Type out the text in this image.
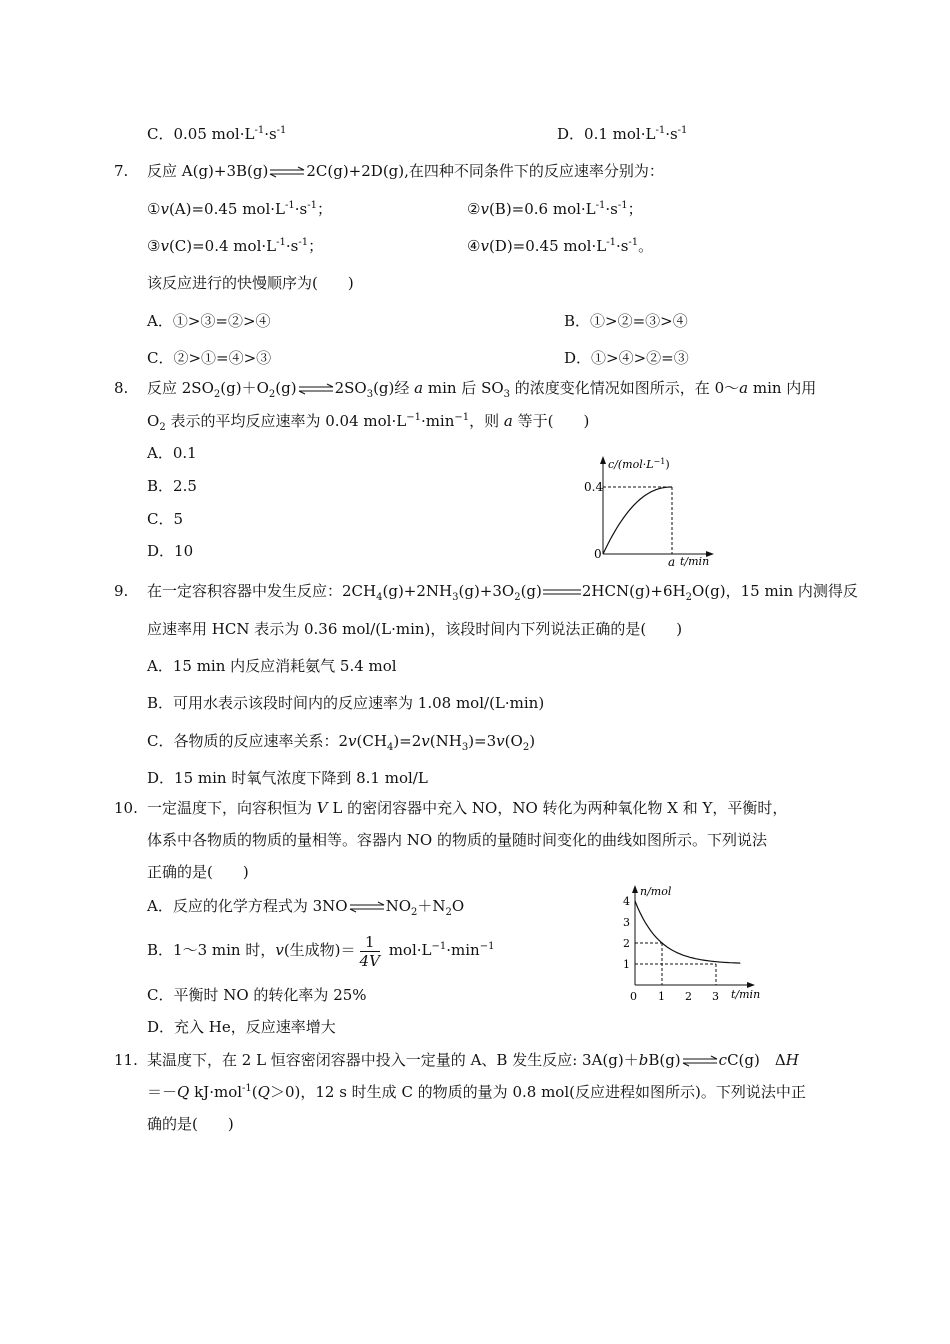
C．0.05 $mol\cdot L^{-1}\cdot s^{-1}$	D．0.1 $mol\cdot L^{-1}\cdot s^{-1}$
7. 反应 A(g)+3B(g)⇌2C(g)+2D(g),在四种不同条件下的反应速率分别为：
①v(A)=0.45 $mol\cdot L^{-1}\cdot s^{-1}$；	②v(B)=0.6 $mol\cdot L^{-1}\cdot s^{-1}$；
③v(C)=0.4 $mol\cdot L^{-1}\cdot s^{-1}$；	④v(D)=0.45 $mol\cdot L^{-1}\cdot s^{-1}$。
该反应进行的快慢顺序为(　　)
A．①>③=②>④	B．①>②=③>④
C．②>①=④>③	D．①>④>②=③
8. 反应 $2SO_2(g)+O_2(g)\rightleftharpoons 2SO_3(g)$经 a min 后 $SO_3$ 的浓度变化情况如图所示，在 0～a min 内用
$O_2$ 表示的平均反应速率为 0.04 $mol\cdot L^{-1}\cdot\min^{-1}$，则 a 等于(　　)
A．0.1
B．2.5
C．5
D．10
$c/(mol\cdot L^{-1})$
0.4
0
a t/min
9. 在一定容积容器中发生反应：$2CH_4(g)+2NH_3(g)+3O_2(g)$	$2HCN(g)+6H_2O(g)$，15 min 内测得反
应速率用 HCN 表示为 0.36 mol/(L·min)，该段时间内下列说法正确的是(　　)
A．15 min 内反应消耗氨气 5.4 mol
B．可用水表示该段时间内的反应速率为 1.08 mol/(L·min)
C．各物质的反应速率关系：$2v(CH_4)=2v(NH_3)=3v(O_2)$
D．15 min 时氧气浓度下降到 8.1 mol/L
10. 一定温度下，向容积恒为 V L 的密闭容器中充入 NO，NO 转化为两种氧化物 X 和 Y，平衡时，
体系中各物质的物质的量相等。容器内 NO 的物质的量随时间变化的曲线如图所示。下列说法
正确的是(　　)
A．反应的化学方程式为 $3NO\rightleftharpoons NO_2+N_2O$
B．1～3 min 时，v(生成物)＝ $\frac{1}{4V} mol\cdot L^{-1}\cdot\min^{-1}$
C．平衡时 NO 的转化率为 25%
D．充入 He，反应速率增大
n/mol
t/min
1
2
3
4
0 1 2 3
11. 某温度下，在 2 L 恒容密闭容器中投入一定量的 A、B 发生反应: 3A(g)＋bB(g)⇌cC(g)　ΔH
＝－Q kJ·mol$^{-1}$(Q＞0)，12 s 时生成 C 的物质的量为 0.8 mol(反应进程如图所示)。下列说法中正
确的是(　　)
